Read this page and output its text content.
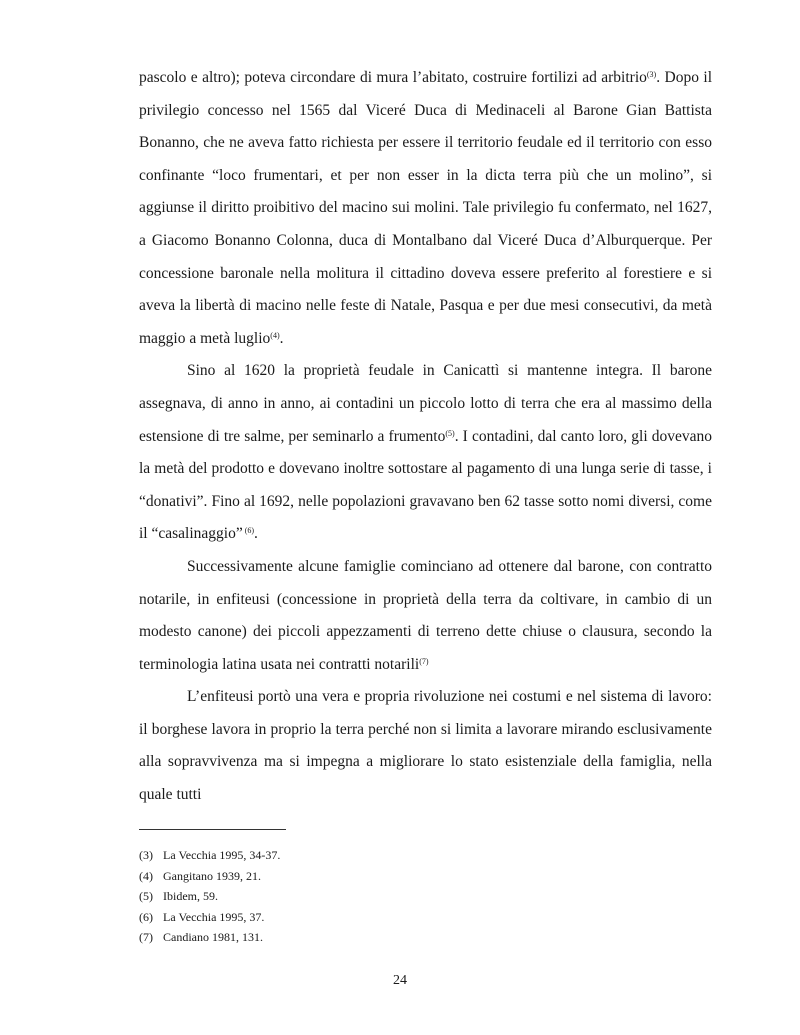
pascolo e altro); poteva circondare di mura l’abitato, costruire fortilizi ad arbitrio$^{(3)}$. Dopo il privilegio concesso nel 1565 dal Viceré Duca di Medinaceli al Barone Gian Battista Bonanno, che ne aveva fatto richiesta per essere il territorio feudale ed il territorio con esso confinante “loco frumentari, et per non esser in la dicta terra più che un molino”, si aggiunse il diritto proibitivo del macino sui molini. Tale privilegio fu confermato, nel 1627, a Giacomo Bonanno Colonna, duca di Montalbano dal Viceré Duca d’Alburquerque. Per concessione baronale nella molitura il cittadino doveva essere preferito al forestiere e si aveva la libertà di macino nelle feste di Natale, Pasqua e per due mesi consecutivi, da metà maggio a metà luglio$^{(4)}$.

Sino al 1620 la proprietà feudale in Canicattì si mantenne integra. Il barone assegnava, di anno in anno, ai contadini un piccolo lotto di terra che era al massimo della estensione di tre salme, per seminarlo a frumento$^{(5)}$. I contadini, dal canto loro, gli dovevano la metà del prodotto e dovevano inoltre sottostare al pagamento di una lunga serie di tasse, i “donativi”. Fino al 1692, nelle popolazioni gravavano ben 62 tasse sotto nomi diversi, come il “casalinaggio” $^{(6)}$.

Successivamente alcune famiglie cominciano ad ottenere dal barone, con contratto notarile, in enfiteusi (concessione in proprietà della terra da coltivare, in cambio di un modesto canone) dei piccoli appezzamenti di terreno dette chiuse o clausura, secondo la terminologia latina usata nei contratti notarili$^{(7)}$

L’enfiteusi portò una vera e propria rivoluzione nei costumi e nel sistema di lavoro: il borghese lavora in proprio la terra perché non si limita a lavorare mirando esclusivamente alla sopravvivenza ma si impegna a migliorare lo stato esistenziale della famiglia, nella quale tutti

(3) La Vecchia 1995, 34-37.
(4) Gangitano 1939, 21.
(5) Ibidem, 59.
(6) La Vecchia 1995, 37.
(7) Candiano 1981, 131.
24
